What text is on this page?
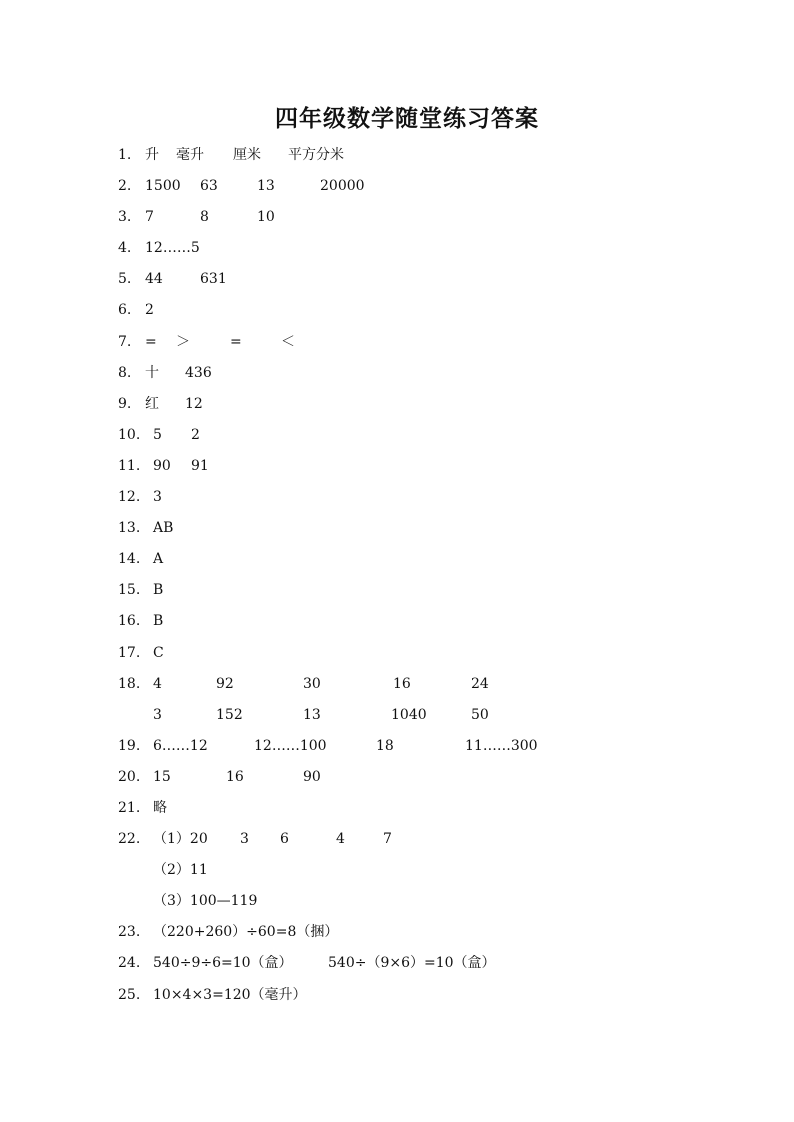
四年级数学随堂练习答案
1. 升 毫升 厘米 平方分米
2. 1500 63	13	20000
3. 7	8	10
4. 12……5
5. 44	631
6. 2
7. = ＞	=	＜
8. 十 436
9. 红 12
10. 5 2
11. 90 91
12. 3
13. AB
14. A
15. B
16. B
17. C
18. 4	92	30	16	24
3	152	13	1040	50
19. 6……12	12……100	18	11……300
20. 15	16	90
21. 略
22. （1）20 3 6	4	7
（2）11
（3）100—119
23. （220+260）÷60=8（捆）
24. 540÷9÷6=10（盒）	540÷（9×6）=10（盒）
25. 10×4×3=120（毫升）
